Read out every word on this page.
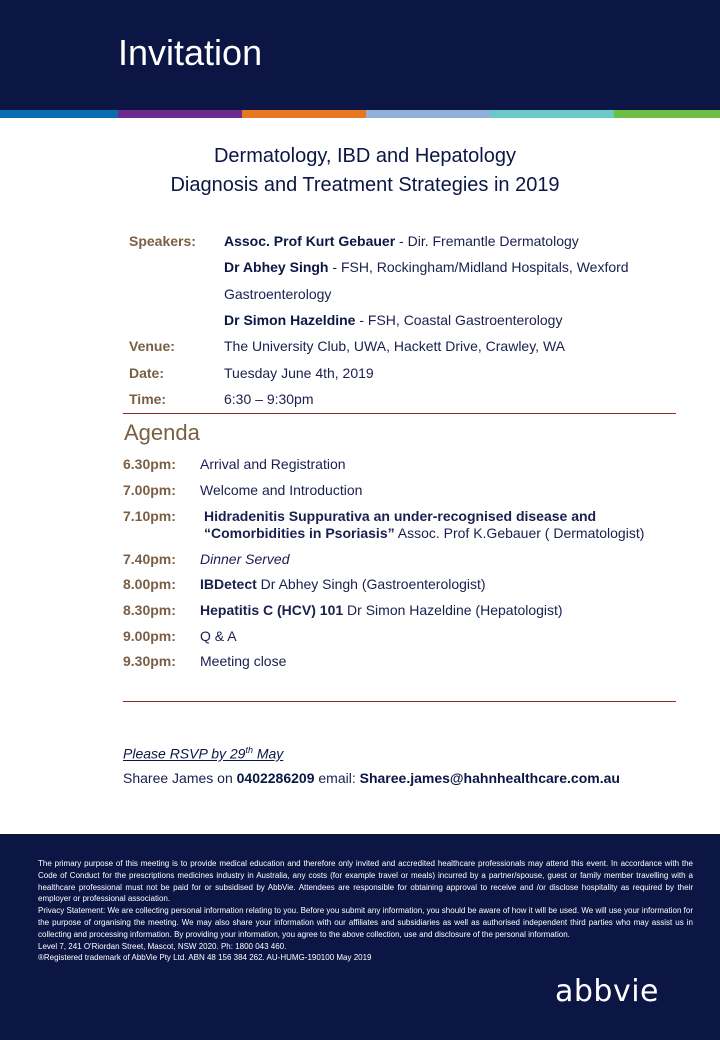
Invitation
Dermatology, IBD and Hepatology
Diagnosis and Treatment Strategies in 2019
Speakers: Assoc. Prof Kurt Gebauer - Dir. Fremantle Dermatology
Dr Abhey Singh - FSH, Rockingham/Midland Hospitals, Wexford
Gastroenterology
Dr Simon Hazeldine - FSH, Coastal Gastroenterology
Venue:	The University Club, UWA, Hackett Drive, Crawley, WA
Date:	Tuesday June 4th, 2019
Time:	6:30 – 9:30pm
Agenda
6.30pm: Arrival and Registration
7.00pm: Welcome and Introduction
7.10pm: Hidradenitis Suppurativa an under-recognised disease and
“Comorbidities in Psoriasis” Assoc. Prof K.Gebauer ( Dermatologist)
7.40pm: Dinner Served
8.00pm: IBDetect Dr Abhey Singh (Gastroenterologist)
8.30pm: Hepatitis C (HCV) 101 Dr Simon Hazeldine (Hepatologist)
9.00pm: Q & A
9.30pm: Meeting close
Please RSVP by 29th May
Sharee James on 0402286209 email: Sharee.james@hahnhealthcare.com.au

The primary purpose of this meeting is to provide medical education and therefore only invited and accredited healthcare professionals may attend this event. In accordance with the Code of Conduct for the prescriptions medicines industry in Australia, any costs (for example travel or meals) incurred by a partner/spouse, guest or family member travelling with a healthcare professional must not be paid for or subsidised by AbbVie. Attendees are responsible for obtaining approval to receive and /or disclose hospitality as required by their employer or professional association.

Privacy Statement: We are collecting personal information relating to you. Before you submit any information, you should be aware of how it will be used. We will use your information for the purpose of organising the meeting. We may also share your information with our affiliates and subsidiaries as well as authorised independent third parties who may assist us in collecting and processing information. By providing your information, you agree to the above collection, use and disclosure of the personal information.

Level 7, 241 O'Riordan Street, Mascot, NSW 2020. Ph: 1800 043 460.

®Registered trademark of AbbVie Pty Ltd. ABN 48 156 384 262. AU-HUMG-190100 May 2019

abbvie
